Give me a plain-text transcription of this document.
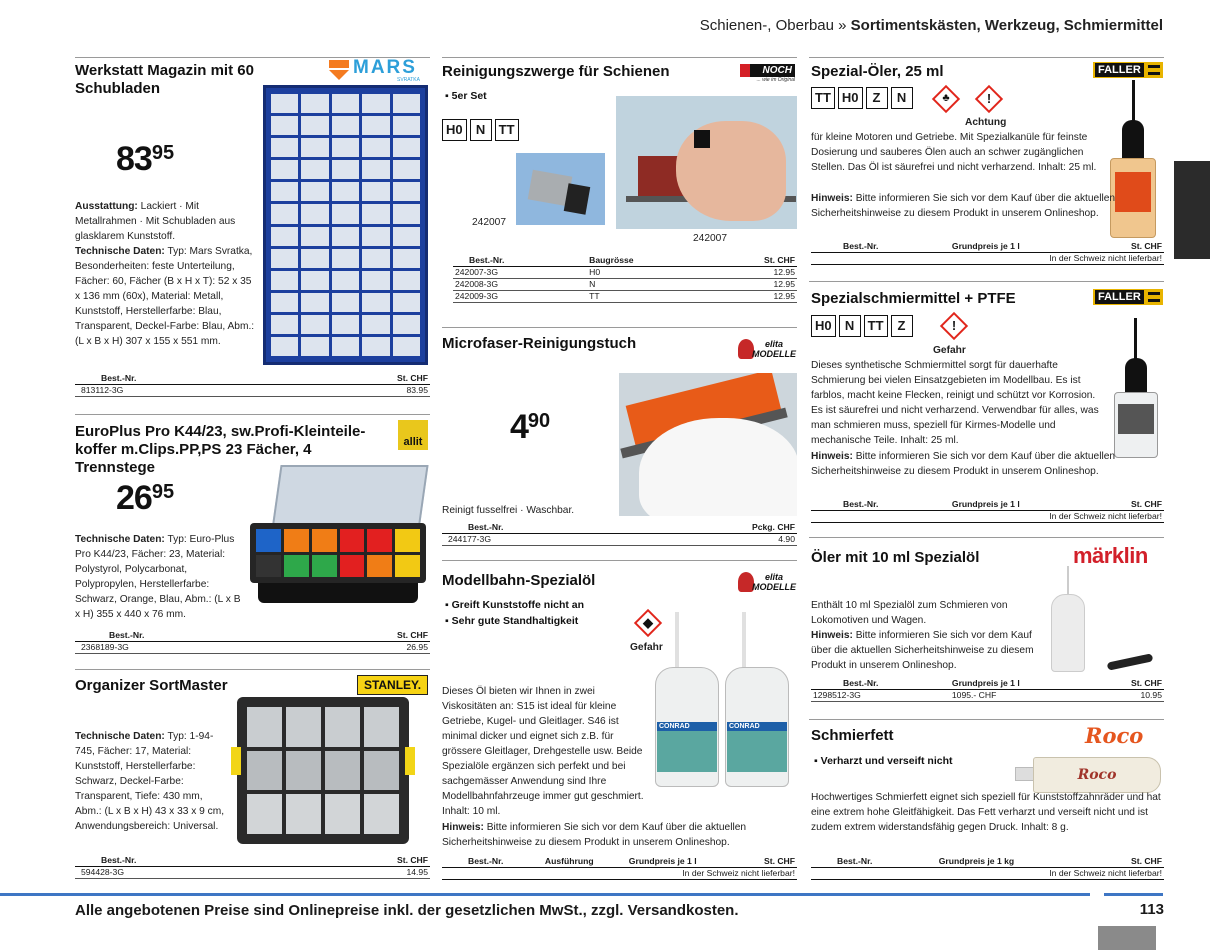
Schienen-, Oberbau » Sortimentskästen, Werkzeug, Schmiermittel
Werkstatt Magazin mit 60 Schubladen
MARS
SVRATKA
$83^{95}$
Ausstattung: Lackiert · Mit Metallrahmen · Mit Schubladen aus glasklarem Kunststoff.
Technische Daten: Typ: Mars Svratka, Besonderheiten: feste Unterteilung, Fächer: 60, Fächer (B x H x T): 52 x 35 x 136 mm (60x), Material: Metall, Kunststoff, Herstellerfarbe: Blau, Transparent, Deckel-Farbe: Blau, Abm.: (L x B x H) 307 x 155 x 551 mm.
Best.-Nr.	St. CHF
813112-3G	83.95
EuroPlus Pro K44/23, sw.Profi-Kleinteile-koffer m.Clips.PP,PS 23 Fächer, 4 Trennstege
allit
$26^{95}$
Technische Daten: Typ: Euro-Plus Pro K44/23, Fächer: 23, Material: Polystyrol, Polycarbonat, Polypropylen, Herstellerfarbe: Schwarz, Orange, Blau, Abm.: (L x B x H) 355 x 440 x 76 mm.
Best.-Nr.	St. CHF
2368189-3G	26.95
Organizer SortMaster	STANLEY.
Technische Daten: Typ: 1-94-745, Fächer: 17, Material: Kunststoff, Herstellerfarbe: Schwarz, Deckel-Farbe: Transparent, Tiefe: 430 mm, Abm.: (L x B x H) 43 x 33 x 9 cm, Anwendungsbereich: Universal.
Best.-Nr.	St. CHF
594428-3G	14.95
Reinigungszwerge für Schienen	NOCH
... wie im Original
▪ 5er Set
H0	N	TT
242007
242007
Best.-Nr.	Baugrösse	St. CHF
242007-3G	H0	12.95
242008-3G	N	12.95
242009-3G	TT	12.95
Microfaser-Reinigungstuch	elita MODELLE
$4^{90}$
Reinigt fusselfrei · Waschbar.
Best.-Nr.	Pckg. CHF
244177-3G	4.90
Modellbahn-Spezialöl	elita MODELLE
▪ Greift Kunststoffe nicht an
▪ Sehr gute Standhaltigkeit	◆
Gefahr
CONRAD	CONRAD
Dieses Öl bieten wir Ihnen in zwei Viskositäten an: S15 ist ideal für kleine Getriebe, Kugel- und Gleitlager. S46 ist minimal dicker und eignet sich z.B. für grössere Gleitlager, Drehgestelle usw. Beide Spezialöle ergänzen sich perfekt und bei sachgemässer Anwendung sind Ihre Modellbahnfahrzeuge immer gut geschmiert. Inhalt: 10 ml.
Hinweis: Bitte informieren Sie sich vor dem Kauf über die aktuellen Sicherheitshinweise zu diesem Produkt in unserem Onlineshop.
Best.-Nr.	Ausführung	Grundpreis je 1 l	St. CHF
In der Schweiz nicht lieferbar!
Spezial-Öler, 25 ml	FALLER
TT H0	Z	N	♣	!
Achtung
für kleine Motoren und Getriebe. Mit Spezialkanüle für feinste Dosierung und sauberes Ölen auch an schwer zugänglichen Stellen. Das Öl ist säurefrei und nicht verharzend. Inhalt: 25 ml.
Hinweis: Bitte informieren Sie sich vor dem Kauf über die aktuellen Sicherheitshinweise zu diesem Produkt in unserem Onlineshop.
Best.-Nr.	Grundpreis je 1 l	St. CHF
In der Schweiz nicht lieferbar!
Spezialschmiermittel + PTFE	FALLER
H0	N	TT	Z	!
Gefahr
Dieses synthetische Schmiermittel sorgt für dauerhafte Schmierung bei vielen Einsatzgebieten im Modellbau. Es ist farblos, macht keine Flecken, reinigt und schützt vor Korrosion. Es ist säurefrei und nicht verharzend. Verwendbar für alles, was man schmieren muss, speziell für Kirmes-Modelle und mechanische Teile. Inhalt: 25 ml.
Hinweis: Bitte informieren Sie sich vor dem Kauf über die aktuellen Sicherheitshinweise zu diesem Produkt in unserem Onlineshop.
Best.-Nr.	Grundpreis je 1 l	St. CHF
In der Schweiz nicht lieferbar!
Öler mit 10 ml Spezialöl	märklin
Enthält 10 ml Spezialöl zum Schmieren von Lokomotiven und Wagen.
Hinweis: Bitte informieren Sie sich vor dem Kauf über die aktuellen Sicherheitshinweise zu diesem Produkt in unserem Onlineshop.
Best.-Nr.	Grundpreis je 1 l	St. CHF
1298512-3G	1095.- CHF	10.95
Schmierfett	Roco
▪ Verharzt und verseift nicht
Roco
Hochwertiges Schmierfett eignet sich speziell für Kunststoffzahnräder und hat eine extrem hohe Gleitfähigkeit. Das Fett verharzt und verseift nicht und ist zudem extrem widerstandsfähig gegen Druck. Inhalt: 8 g.
Best.-Nr.	Grundpreis je 1 kg	St. CHF
In der Schweiz nicht lieferbar!
Alle angebotenen Preise sind Onlinepreise inkl. der gesetzlichen MwSt., zzgl. Versandkosten.	113
